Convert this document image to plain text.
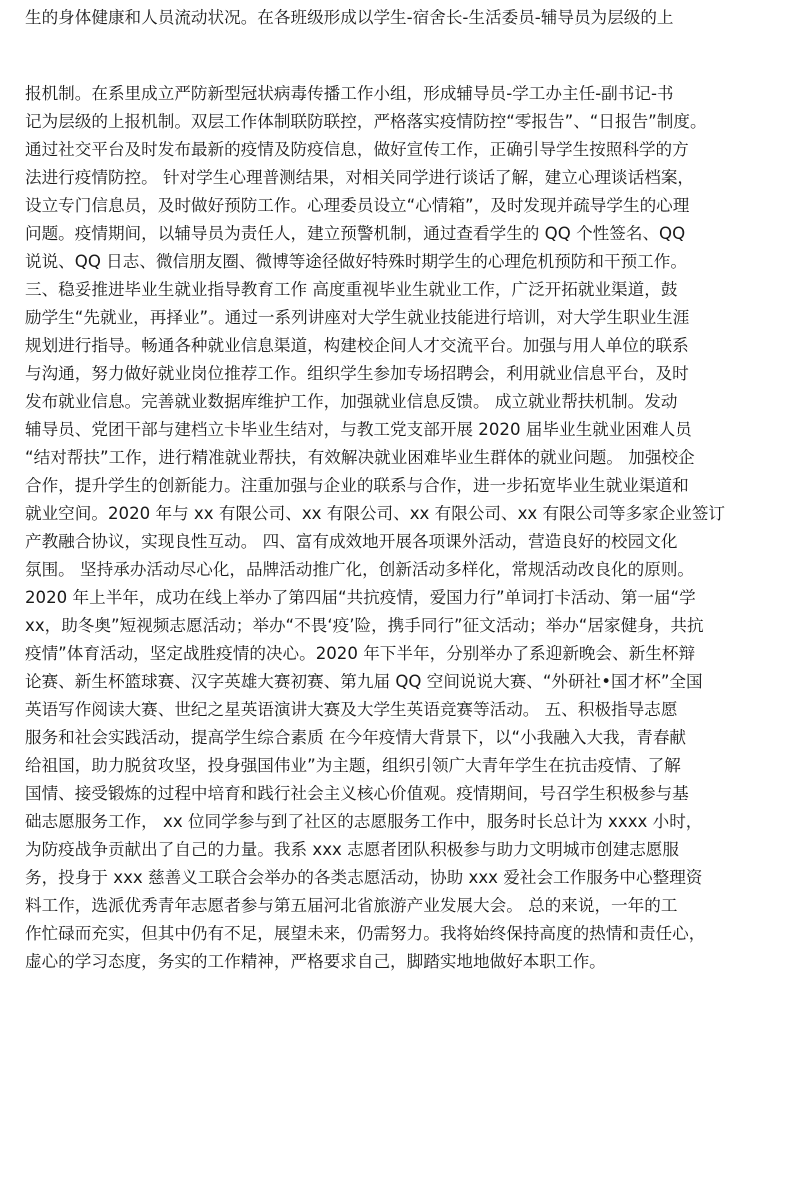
生的身体健康和人员流动状况。在各班级形成以学生-宿舍长-生活委员-辅导员为层级的上
报机制。在系里成立严防新型冠状病毒传播工作小组，形成辅导员-学工办主任-副书记-书
记为层级的上报机制。双层工作体制联防联控，严格落实疫情防控“零报告”、“日报告”制度。
通过社交平台及时发布最新的疫情及防疫信息，做好宣传工作，正确引导学生按照科学的方
法进行疫情防控。 针对学生心理普测结果，对相关同学进行谈话了解，建立心理谈话档案，
设立专门信息员，及时做好预防工作。心理委员设立“心情箱”，及时发现并疏导学生的心理
问题。疫情期间，以辅导员为责任人，建立预警机制，通过查看学生的 QQ 个性签名、QQ
说说、QQ 日志、微信朋友圈、微博等途径做好特殊时期学生的心理危机预防和干预工作。
三、稳妥推进毕业生就业指导教育工作 高度重视毕业生就业工作，广泛开拓就业渠道，鼓
励学生“先就业，再择业”。通过一系列讲座对大学生就业技能进行培训，对大学生职业生涯
规划进行指导。畅通各种就业信息渠道，构建校企间人才交流平台。加强与用人单位的联系
与沟通，努力做好就业岗位推荐工作。组织学生参加专场招聘会，利用就业信息平台，及时
发布就业信息。完善就业数据库维护工作，加强就业信息反馈。 成立就业帮扶机制。发动
辅导员、党团干部与建档立卡毕业生结对，与教工党支部开展 2020 届毕业生就业困难人员
“结对帮扶”工作，进行精准就业帮扶，有效解决就业困难毕业生群体的就业问题。 加强校企
合作，提升学生的创新能力。注重加强与企业的联系与合作，进一步拓宽毕业生就业渠道和
就业空间。2020 年与 xx 有限公司、xx 有限公司、xx 有限公司、xx 有限公司等多家企业签订
产教融合协议，实现良性互动。 四、富有成效地开展各项课外活动，营造良好的校园文化
氛围。 坚持承办活动尽心化，品牌活动推广化，创新活动多样化，常规活动改良化的原则。
2020 年上半年，成功在线上举办了第四届“共抗疫情，爱国力行”单词打卡活动、第一届“学
xx，助冬奥”短视频志愿活动；举办“不畏‘疫’险，携手同行”征文活动；举办“居家健身，共抗
疫情”体育活动，坚定战胜疫情的决心。2020 年下半年，分别举办了系迎新晚会、新生杯辩
论赛、新生杯篮球赛、汉字英雄大赛初赛、第九届 QQ 空间说说大赛、“外研社•国才杯”全国
英语写作阅读大赛、世纪之星英语演讲大赛及大学生英语竞赛等活动。 五、积极指导志愿
服务和社会实践活动，提高学生综合素质 在今年疫情大背景下，以“小我融入大我，青春献
给祖国，助力脱贫攻坚，投身强国伟业”为主题，组织引领广大青年学生在抗击疫情、了解
国情、接受锻炼的过程中培育和践行社会主义核心价值观。疫情期间，号召学生积极参与基
础志愿服务工作， xx 位同学参与到了社区的志愿服务工作中，服务时长总计为 xxxx 小时，
为防疫战争贡献出了自己的力量。我系 xxx 志愿者团队积极参与助力文明城市创建志愿服
务，投身于 xxx 慈善义工联合会举办的各类志愿活动，协助 xxx 爱社会工作服务中心整理资
料工作，选派优秀青年志愿者参与第五届河北省旅游产业发展大会。 总的来说，一年的工
作忙碌而充实，但其中仍有不足，展望未来，仍需努力。我将始终保持高度的热情和责任心，
虚心的学习态度，务实的工作精神，严格要求自己，脚踏实地地做好本职工作。
